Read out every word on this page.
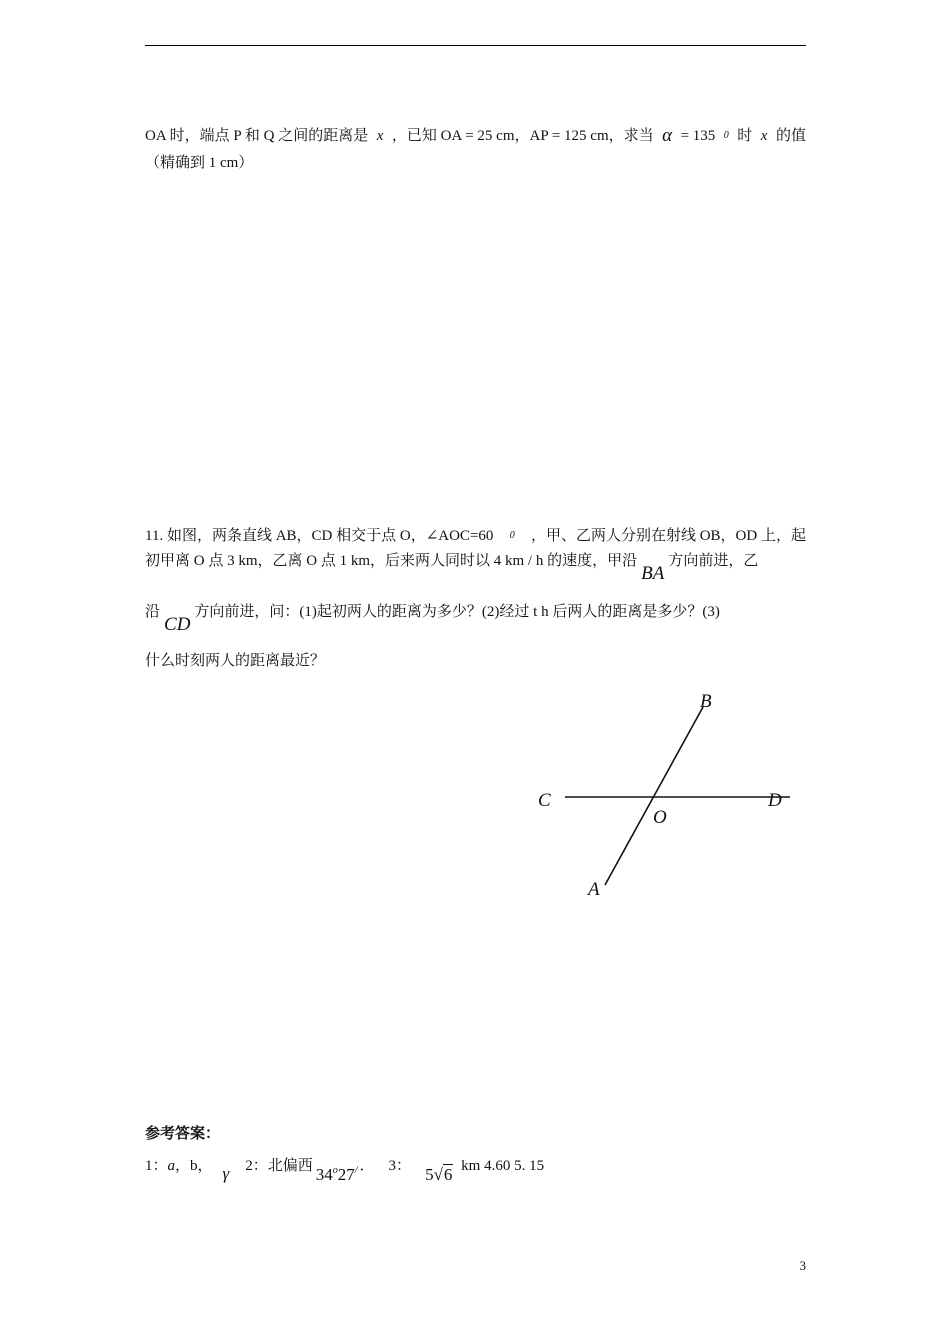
OA 时，端点 P 和 Q 之间的距离是 x ，已知 OA = 25 cm，AP = 125 cm，求当 α = 135 0 时 x 的值
（精确到 1 cm）
11. 如图，两条直线 AB，CD 相交于点 O，∠AOC=60 0 ，甲、乙两人分别在射线 OB，OD 上，起
初甲离 O 点 3 km，乙离 O 点 1 km，后来两人同时以 4 km / h 的速度，甲沿BA方向前进，乙
沿CD方向前进，问：(1)起初两人的距离为多少？(2)经过 t h 后两人的距离是多少？(3)
什么时刻两人的距离最近？
B
C	D
O
A
参考答案：
1：a，b， γ 2：北偏西 34$^o$27/ ． 3： 5√6 km 4.60 5. 15
3
